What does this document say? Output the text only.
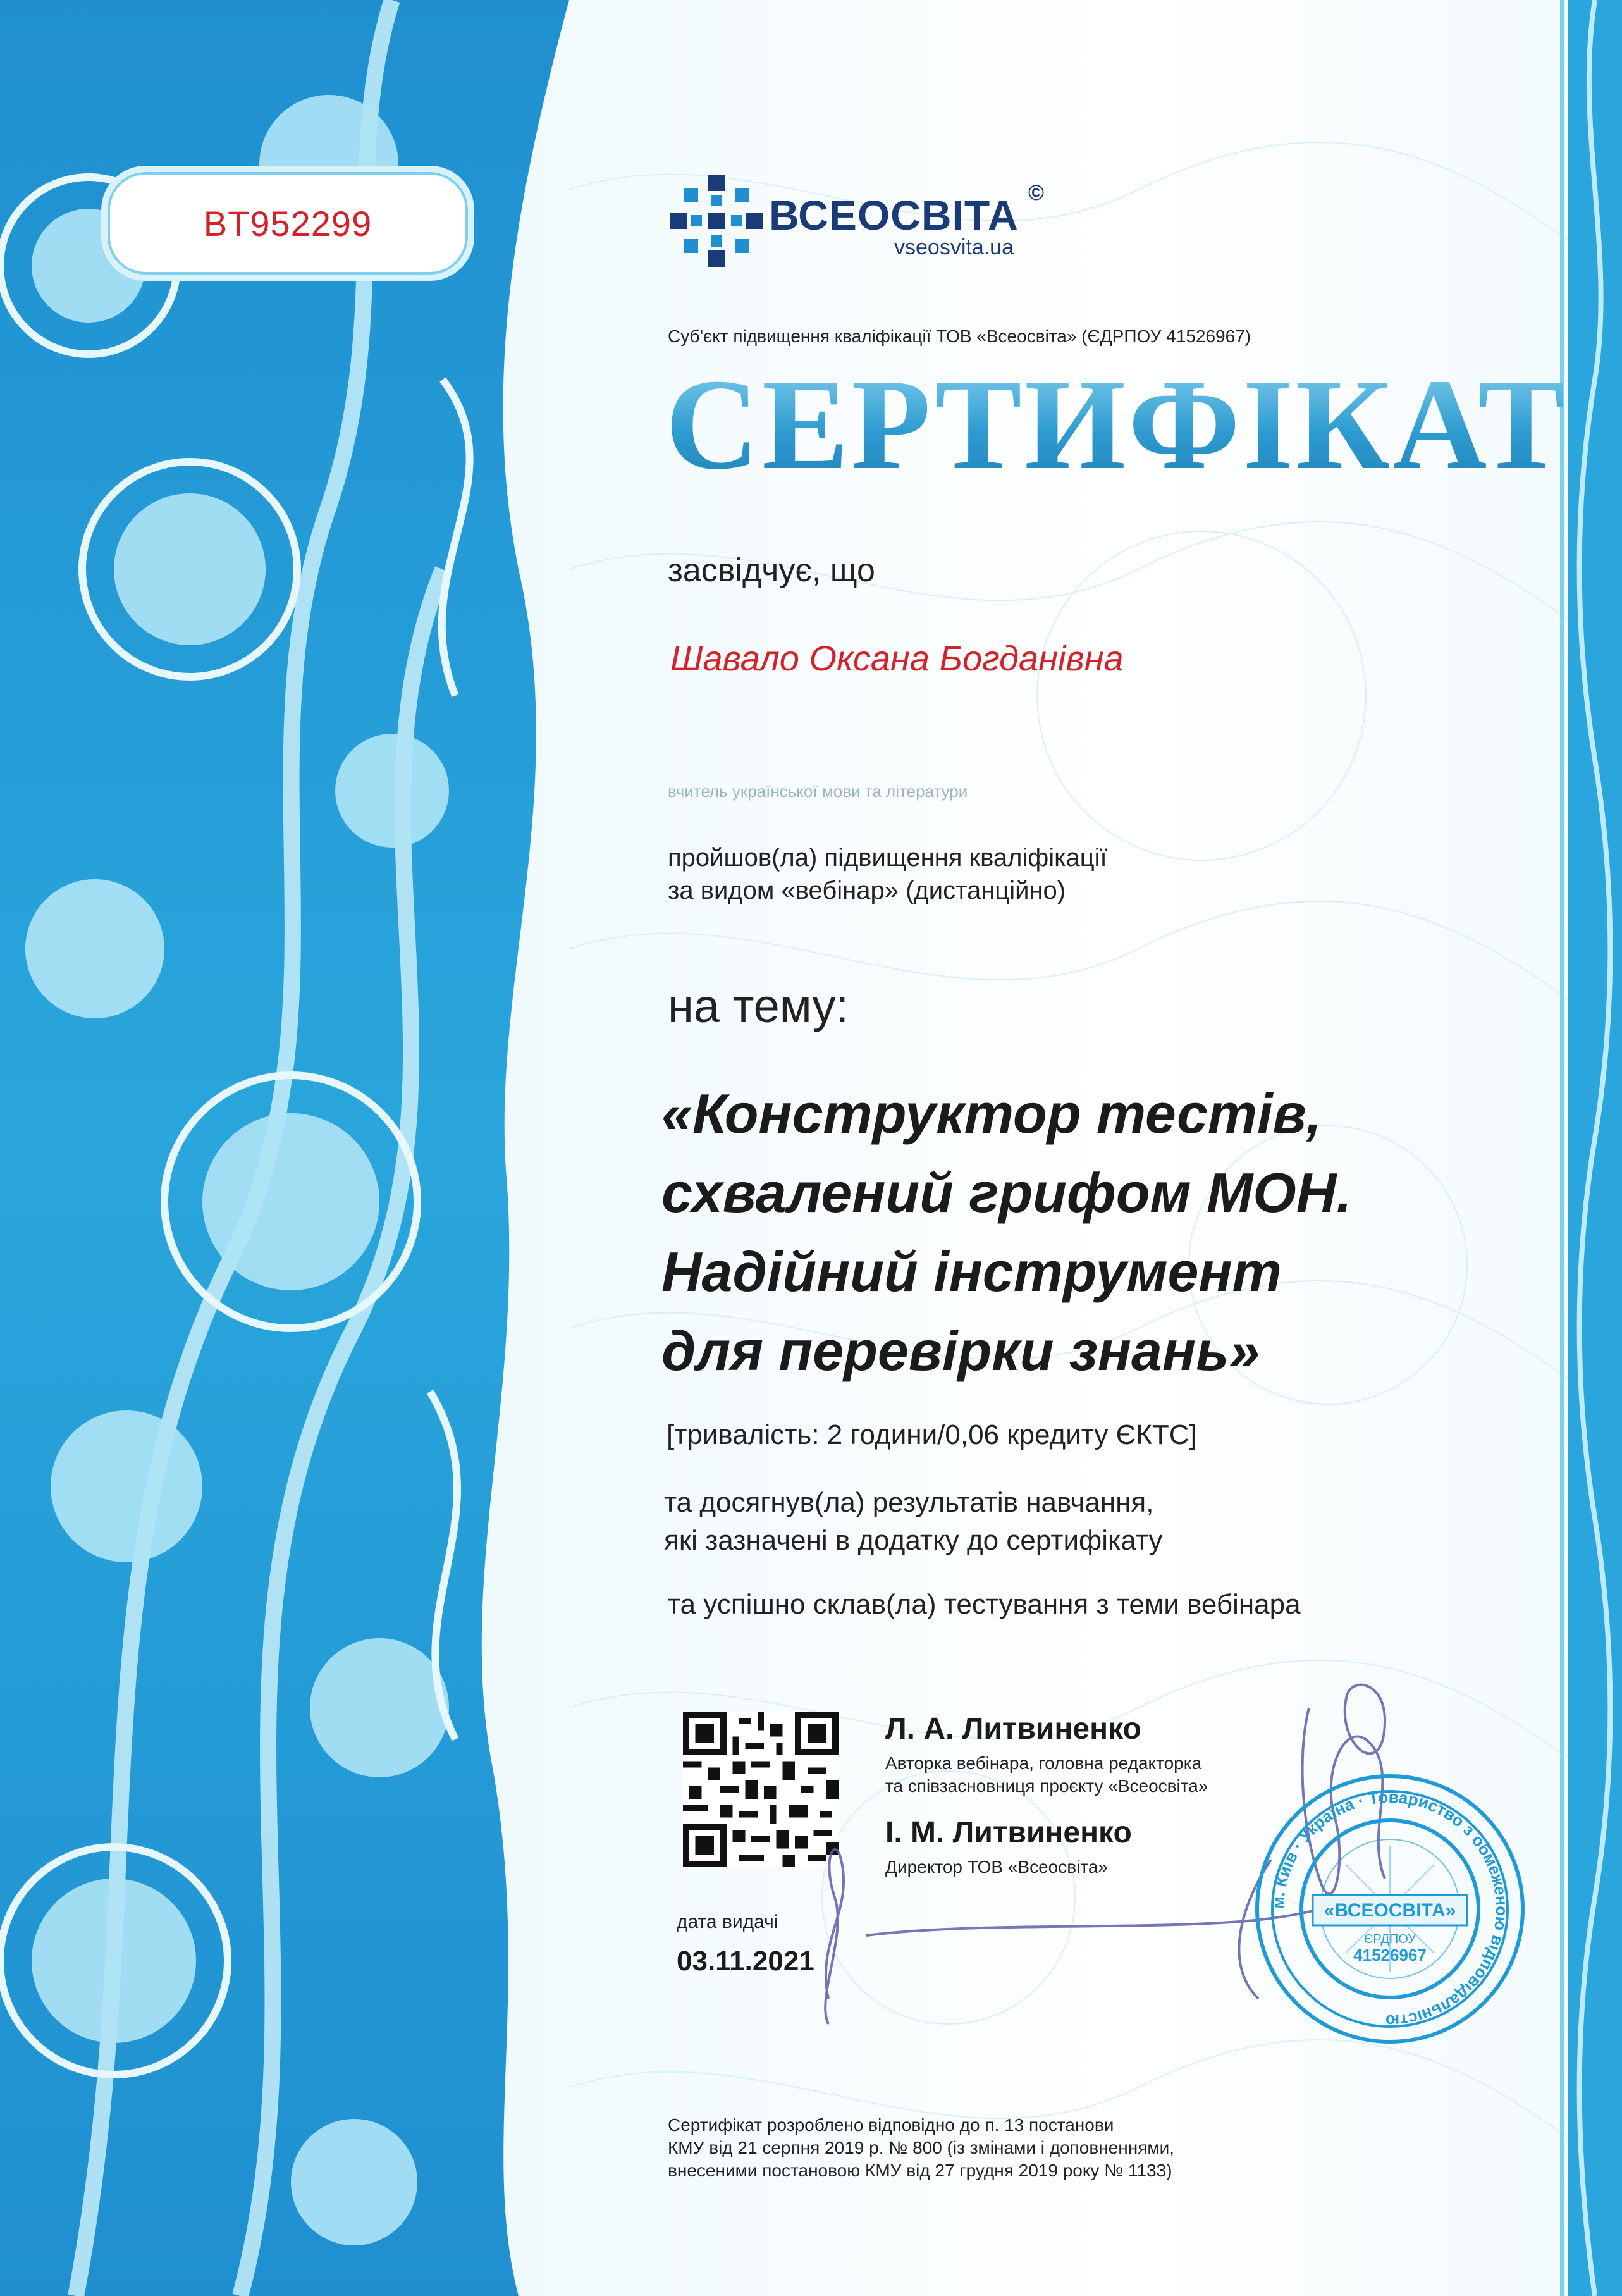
BT952299	ВСЕОСВІТА ©
vseosvita.ua
Суб'єкт підвищення кваліфікації ТОВ «Всеосвіта» (ЄДРПОУ 41526967)
СЕРТИФІКАТ
засвідчує, що
Шавало Оксана Богданівна
вчитель української мови та літератури
пройшов(ла) підвищення кваліфікації
за видом «вебінар» (дистанційно)
на тему:
«Конструктор тестів,
схвалений грифом МОН.
Надійний інструмент
для перевірки знань»
[тривалість: 2 години/0,06 кредиту ЄКТС]
та досягнув(ла) результатів навчання,
які зазначені в додатку до сертифікату
та успішно склав(ла) тестування з теми вебінара
Л. А. Литвиненко
Авторка вебінара, головна редакторка
та співзасновниця проєкту «Всеосвіта»
І. М. Литвиненко
Директор ТОВ «Всеосвіта»
дата видачі
03.11.2021
м. Київ · Україна · Товариство з обмеженою відповідальністю
«ВСЕОСВІТА»
ЄРДПОУ
41526967
Сертифікат розроблено відповідно до п. 13 постанови
КМУ від 21 серпня 2019 р. № 800 (із змінами і доповненнями,
внесеними постановою КМУ від 27 грудня 2019 року № 1133)
